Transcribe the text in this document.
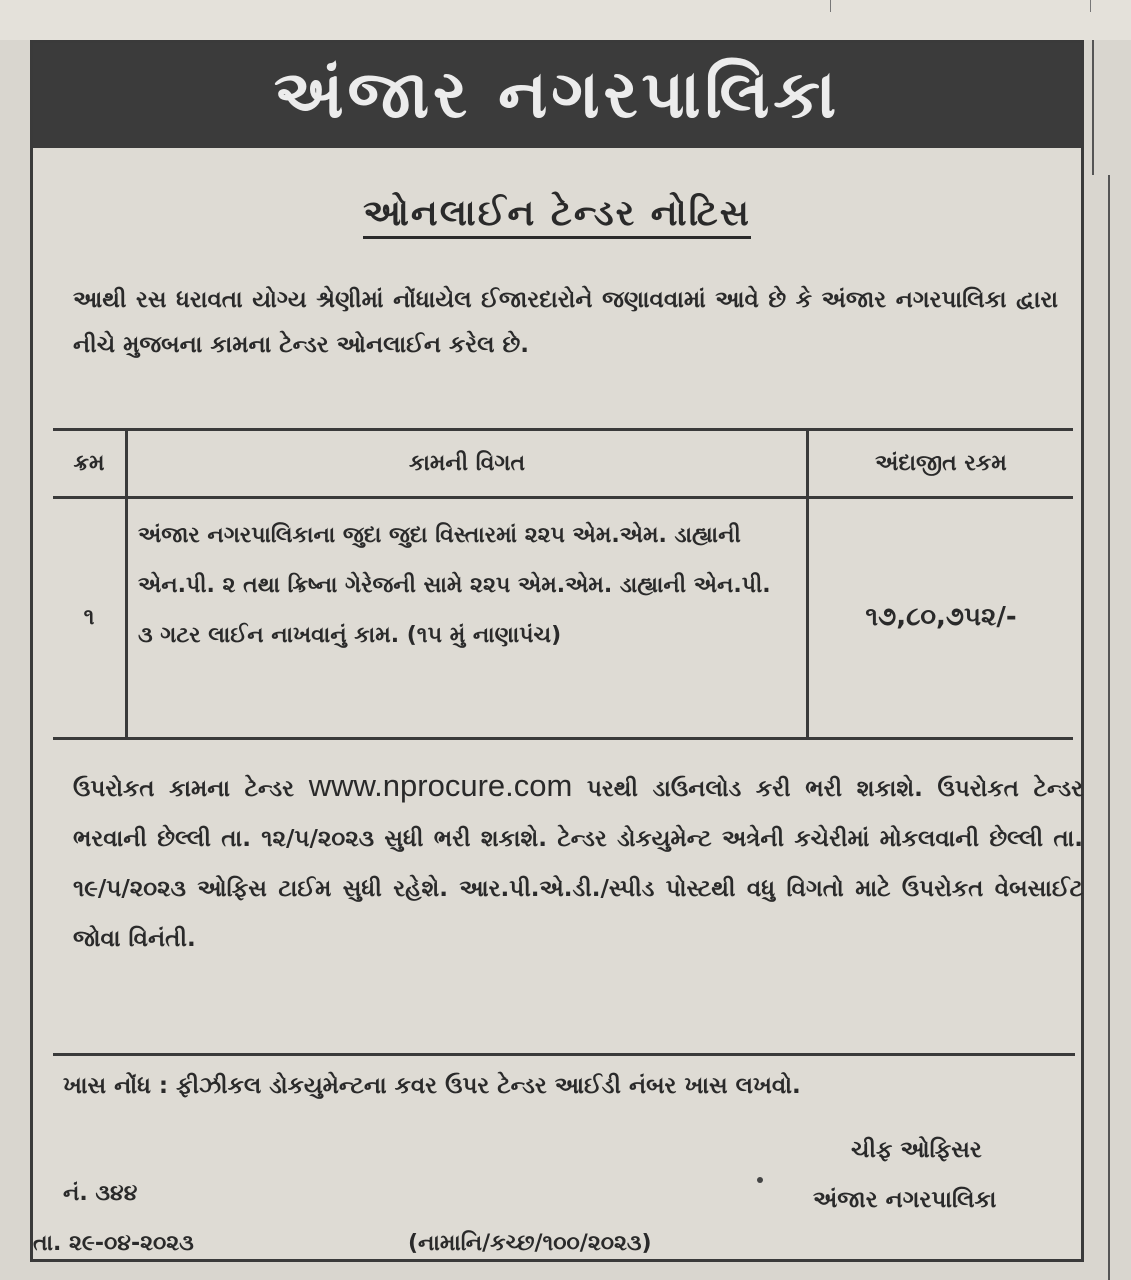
અંજાર નગરપાલિકા
ઓનલાઈન ટેન્ડર નોટિસ
આથી રસ ધરાવતા યોગ્ય શ્રેણીમાં નોંધાયેલ ઈજારદારોને જણાવવામાં આવે છે કે અંજાર નગરપાલિકા દ્વારા નીચે મુજબના કામના ટેન્ડર ઓનલાઈન કરેલ છે.
ક્રમ	કામની વિગત	અંદાજીત રકમ
૧	અંજાર નગરપાલિકાના જુદા જુદા વિસ્તારમાં ૨૨૫ એમ.એમ. ડાહ્યાની એન.પી. ૨ તથા ક્રિષ્ના ગેરેજની સામે ૨૨૫ એમ.એમ. ડાહ્યાની એન.પી. ૩ ગટર લાઈન નાખવાનું કામ. (૧૫ મું નાણાપંચ)	૧૭,૮૦,૭૫૨/-
ઉપરોકત કામના ટેન્ડર www.nprocure.com પરથી ડાઉનલોડ કરી ભરી શકાશે. ઉપરોકત ટેન્ડર ભરવાની છેલ્લી તા. ૧૨/૫/૨૦૨૩ સુધી ભરી શકાશે. ટેન્ડર ડોકયુમેન્ટ અત્રેની કચેરીમાં મોકલવાની છેલ્લી તા. ૧૯/૫/૨૦૨૩ ઓફિસ ટાઈમ સુધી રહેશે. આર.પી.એ.ડી./સ્પીડ પોસ્ટથી વધુ વિગતો માટે ઉપરોકત વેબસાઈટ જોવા વિનંતી.
ખાસ નોંધ : ફીઝીકલ ડોકયુમેન્ટના કવર ઉપર ટેન્ડર આઈડી નંબર ખાસ લખવો.
ચીફ ઓફિસર
નં. ૩૪૪	અંજાર નગરપાલિકા
તા. ૨૯-૦૪-૨૦૨૩	(નામાનિ/કચ્છ/૧૦૦/૨૦૨૩)
